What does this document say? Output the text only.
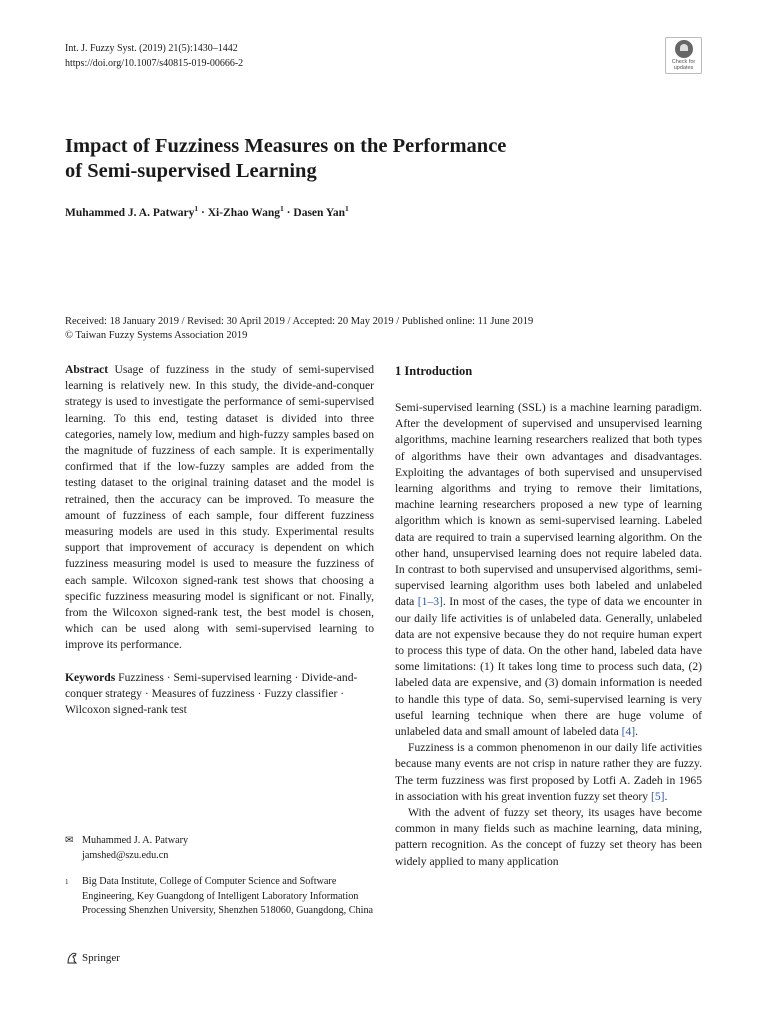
Int. J. Fuzzy Syst. (2019) 21(5):1430–1442
https://doi.org/10.1007/s40815-019-00666-2	Check for
updates
Impact of Fuzziness Measures on the Performance
of Semi-supervised Learning
Muhammed J. A. Patwary$^1$ · Xi-Zhao Wang$^1$ · Dasen Yan$^1$
Received: 18 January 2019 / Revised: 30 April 2019 / Accepted: 20 May 2019 / Published online: 11 June 2019
© Taiwan Fuzzy Systems Association 2019

Abstract Usage of fuzziness in the study of semi-supervised learning is relatively new. In this study, the divide-and-conquer strategy is used to investigate the performance of semi-supervised learning. To this end, testing dataset is divided into three categories, namely low, medium and high-fuzzy samples based on the magnitude of fuzziness of each sample. It is experimentally confirmed that if the low-fuzzy samples are added from the testing dataset to the original training dataset and the model is retrained, then the accuracy can be improved. To measure the amount of fuzziness of each sample, four different fuzziness measuring models are used in this study. Experimental results support that improvement of accuracy is dependent on which fuzziness measuring model is used to measure the fuzziness of each sample. Wilcoxon signed-rank test shows that choosing a specific fuzziness measuring model is significant or not. Finally, from the Wilcoxon signed-rank test, the best model is chosen, which can be used along with semi-supervised learning to improve its performance.

Keywords Fuzziness · Semi-supervised learning · Divide-and-conquer strategy · Measures of fuzziness · Fuzzy classifier · Wilcoxon signed-rank test

✉ Muhammed J. A. Patwary
jamshed@szu.edu.cn
1	Big Data Institute, College of Computer Science and Software Engineering, Key Guangdong of Intelligent Laboratory Information Processing Shenzhen University, Shenzhen 518060, Guangdong, China
Springer
1 Introduction

Semi-supervised learning (SSL) is a machine learning paradigm. After the development of supervised and unsupervised learning algorithms, machine learning researchers realized that both types of algorithms have their own advantages and disadvantages. Exploiting the advantages of both supervised and unsupervised learning algorithms and trying to remove their limitations, machine learning researchers proposed a new type of learning algorithm which is known as semi-supervised learning. Labeled data are required to train a supervised learning algorithm. On the other hand, unsupervised learning does not require labeled data. In contrast to both supervised and unsupervised algorithms, semi-supervised learning algorithm uses both labeled and unlabeled data [1–3]. In most of the cases, the type of data we encounter in our daily life activities is of unlabeled data. Generally, unlabeled data are not expensive because they do not require human expert to process this type of data. On the other hand, labeled data have some limitations: (1) It takes long time to process such data, (2) labeled data are expensive, and (3) domain information is needed to handle this type of data. So, semi-supervised learning is very useful learning technique when there are huge volume of unlabeled data and small amount of labeled data [4].

Fuzziness is a common phenomenon in our daily life activities because many events are not crisp in nature rather they are fuzzy. The term fuzziness was first proposed by Lotfi A. Zadeh in 1965 in association with his great invention fuzzy set theory [5].

With the advent of fuzzy set theory, its usages have become common in many fields such as machine learning, data mining, pattern recognition. As the concept of fuzzy set theory has been widely applied to many application
